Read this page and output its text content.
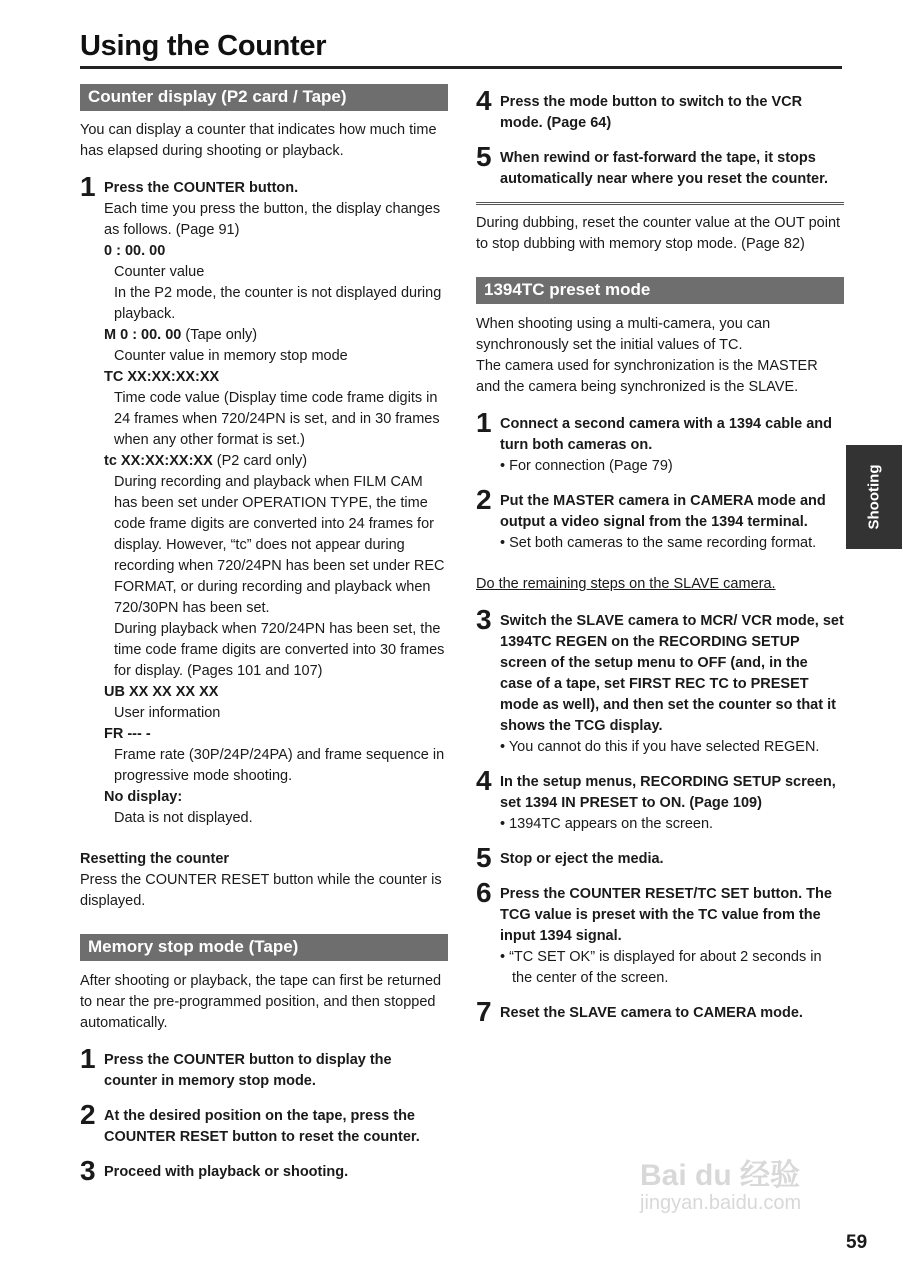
Using the Counter
Counter display (P2 card / Tape)

You can display a counter that indicates how much time has elapsed during shooting or playback.

1 Press the COUNTER button.

Each time you press the button, the display changes as follows. (Page 91)

0 : 00. 00

Counter value

In the P2 mode, the counter is not displayed during playback.

M 0 : 00. 00 (Tape only)

Counter value in memory stop mode

TC XX:XX:XX:XX

Time code value (Display time code frame digits in 24 frames when 720/24PN is set, and in 30 frames when any other format is set.)

tc XX:XX:XX:XX (P2 card only)

During recording and playback when FILM CAM has been set under OPERATION TYPE, the time code frame digits are converted into 24 frames for display. However, “tc” does not appear during recording when 720/24PN has been set under REC FORMAT, or during recording and playback when 720/30PN has been set.

During playback when 720/24PN has been set, the time code frame digits are converted into 30 frames for display. (Pages 101 and 107)

UB XX XX XX XX

User information

FR --- -

Frame rate (30P/24P/24PA) and frame sequence in progressive mode shooting.

No display:

Data is not displayed.

Resetting the counter

Press the COUNTER RESET button while the counter is displayed.

Memory stop mode (Tape)

After shooting or playback, the tape can first be returned to near the pre-programmed position, and then stopped automatically.

1 Press the COUNTER button to display the counter in memory stop mode.
2 At the desired position on the tape, press the COUNTER RESET button to reset the counter.
3 Proceed with playback or shooting.
4 Press the mode button to switch to the VCR mode. (Page 64)
5 When rewind or fast-forward the tape, it stops automatically near where you reset the counter.

During dubbing, reset the counter value at the OUT point to stop dubbing with memory stop mode. (Page 82)

1394TC preset mode

When shooting using a multi-camera, you can synchronously set the initial values of TC.

The camera used for synchronization is the MASTER and the camera being synchronized is the SLAVE.

1 Connect a second camera with a 1394 cable and turn both cameras on.
• For connection (Page 79)
2 Put the MASTER camera in CAMERA mode and output a video signal from the 1394 terminal.
• Set both cameras to the same recording format.

Do the remaining steps on the SLAVE camera.

3 Switch the SLAVE camera to MCR/ VCR mode, set 1394TC REGEN on the RECORDING SETUP screen of the setup menu to OFF (and, in the case of a tape, set FIRST REC TC to PRESET mode as well), and then set the counter so that it shows the TCG display.
• You cannot do this if you have selected REGEN.
4 In the setup menus, RECORDING SETUP screen, set 1394 IN PRESET to ON. (Page 109)
• 1394TC appears on the screen.
5 Stop or eject the media.
6 Press the COUNTER RESET/TC SET button. The TCG value is preset with the TC value from the input 1394 signal.
• “TC SET OK” is displayed for about 2 seconds in the center of the screen.
7 Reset the SLAVE camera to CAMERA mode.
Shooting
59
Bai du 经验
jingyan.baidu.com
